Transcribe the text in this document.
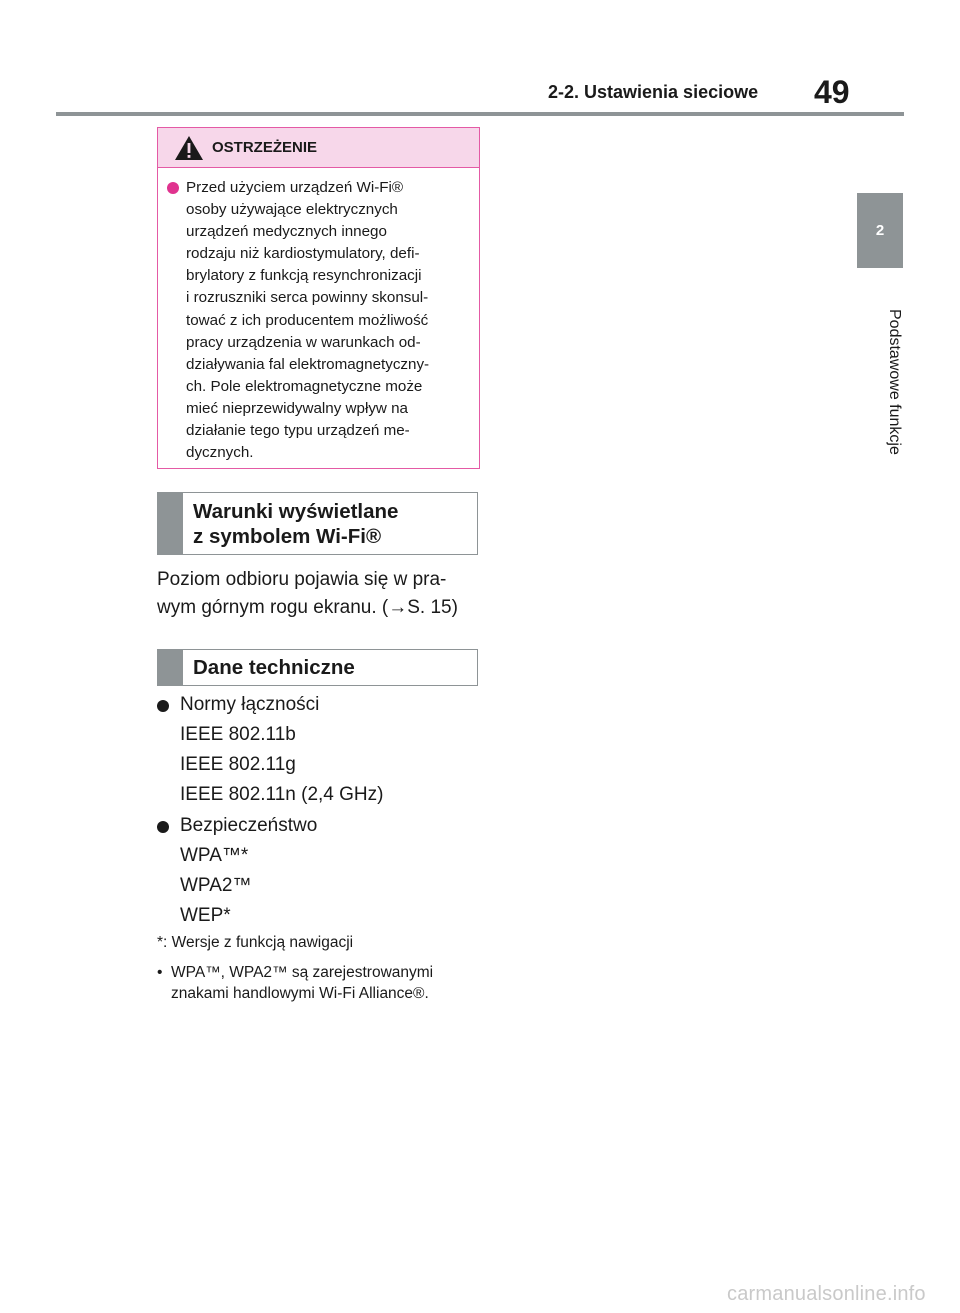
2-2. Ustawienia sieciowe 49
2
Podstawowe funkcje
OSTRZEŻENIE
Przed użyciem urządzeń Wi-Fi®
osoby używające elektrycznych
urządzeń medycznych innego
rodzaju niż kardiostymulatory, defi-
brylatory z funkcją resynchronizacji
i rozruszniki serca powinny skonsul-
tować z ich producentem możliwość
pracy urządzenia w warunkach od-
działywania fal elektromagnetyczny-
ch. Pole elektromagnetyczne może
mieć nieprzewidywalny wpływ na
działanie tego typu urządzeń me-
dycznych.
Warunki wyświetlane
z symbolem Wi-Fi®
Poziom odbioru pojawia się w pra-
wym górnym rogu ekranu. (→S. 15)
Dane techniczne
Normy łączności
IEEE 802.11b
IEEE 802.11g
IEEE 802.11n (2,4 GHz)
Bezpieczeństwo
WPA™*
WPA2™
WEP*
*: Wersje z funkcją nawigacji
• WPA™, WPA2™ są zarejestrowanymi
znakami handlowymi Wi-Fi Alliance®.
carmanualsonline.info
